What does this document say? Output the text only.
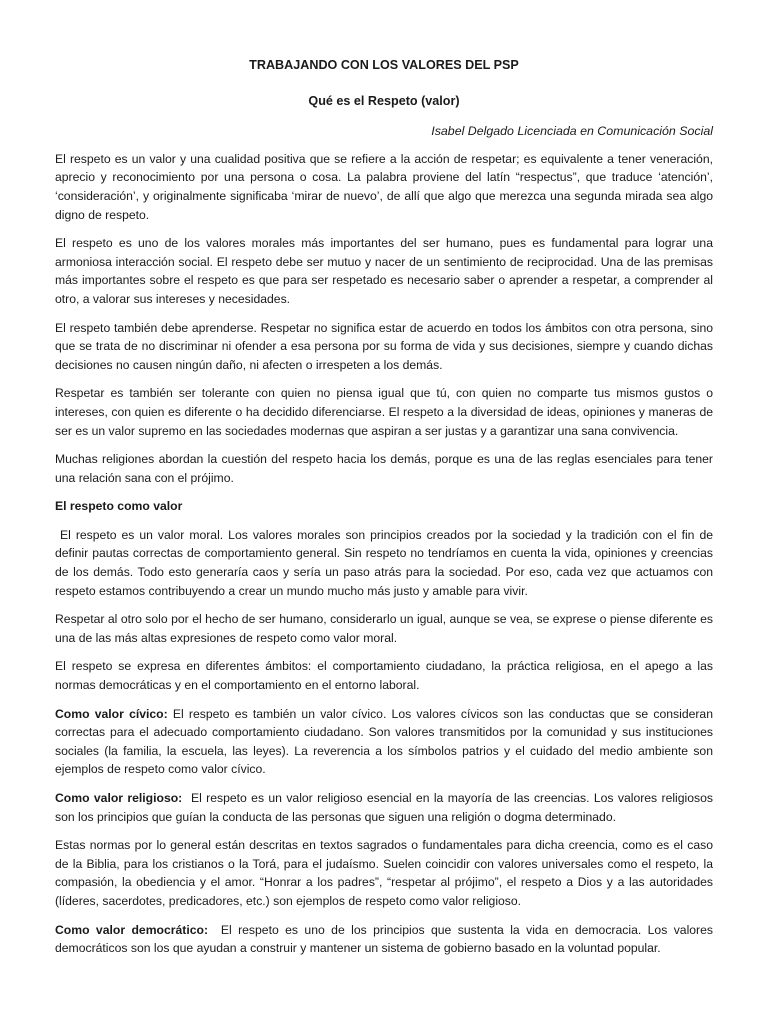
TRABAJANDO CON LOS VALORES DEL PSP
Qué es el Respeto (valor)
Isabel Delgado Licenciada en Comunicación Social

El respeto es un valor y una cualidad positiva que se refiere a la acción de respetar; es equivalente a tener veneración, aprecio y reconocimiento por una persona o cosa. La palabra proviene del latín “respectus”, que traduce ‘atención’, ‘consideración’, y originalmente significaba ‘mirar de nuevo’, de allí que algo que merezca una segunda mirada sea algo digno de respeto.

El respeto es uno de los valores morales más importantes del ser humano, pues es fundamental para lograr una armoniosa interacción social. El respeto debe ser mutuo y nacer de un sentimiento de reciprocidad. Una de las premisas más importantes sobre el respeto es que para ser respetado es necesario saber o aprender a respetar, a comprender al otro, a valorar sus intereses y necesidades.

El respeto también debe aprenderse. Respetar no significa estar de acuerdo en todos los ámbitos con otra persona, sino que se trata de no discriminar ni ofender a esa persona por su forma de vida y sus decisiones, siempre y cuando dichas decisiones no causen ningún daño, ni afecten o irrespeten a los demás.

Respetar es también ser tolerante con quien no piensa igual que tú, con quien no comparte tus mismos gustos o intereses, con quien es diferente o ha decidido diferenciarse. El respeto a la diversidad de ideas, opiniones y maneras de ser es un valor supremo en las sociedades modernas que aspiran a ser justas y a garantizar una sana convivencia.

Muchas religiones abordan la cuestión del respeto hacia los demás, porque es una de las reglas esenciales para tener una relación sana con el prójimo.

El respeto como valor

El respeto es un valor moral. Los valores morales son principios creados por la sociedad y la tradición con el fin de definir pautas correctas de comportamiento general. Sin respeto no tendríamos en cuenta la vida, opiniones y creencias de los demás. Todo esto generaría caos y sería un paso atrás para la sociedad. Por eso, cada vez que actuamos con respeto estamos contribuyendo a crear un mundo mucho más justo y amable para vivir.

Respetar al otro solo por el hecho de ser humano, considerarlo un igual, aunque se vea, se exprese o piense diferente es una de las más altas expresiones de respeto como valor moral.

El respeto se expresa en diferentes ámbitos: el comportamiento ciudadano, la práctica religiosa, en el apego a las normas democráticas y en el comportamiento en el entorno laboral.

Como valor cívico: El respeto es también un valor cívico. Los valores cívicos son las conductas que se consideran correctas para el adecuado comportamiento ciudadano. Son valores transmitidos por la comunidad y sus instituciones sociales (la familia, la escuela, las leyes). La reverencia a los símbolos patrios y el cuidado del medio ambiente son ejemplos de respeto como valor cívico.

Como valor religioso:  El respeto es un valor religioso esencial en la mayoría de las creencias. Los valores religiosos son los principios que guían la conducta de las personas que siguen una religión o dogma determinado.

Estas normas por lo general están descritas en textos sagrados o fundamentales para dicha creencia, como es el caso de la Biblia, para los cristianos o la Torá, para el judaísmo. Suelen coincidir con valores universales como el respeto, la compasión, la obediencia y el amor. “Honrar a los padres”, “respetar al prójimo”, el respeto a Dios y a las autoridades (líderes, sacerdotes, predicadores, etc.) son ejemplos de respeto como valor religioso.

Como valor democrático:  El respeto es uno de los principios que sustenta la vida en democracia. Los valores democráticos son los que ayudan a construir y mantener un sistema de gobierno basado en la voluntad popular.
